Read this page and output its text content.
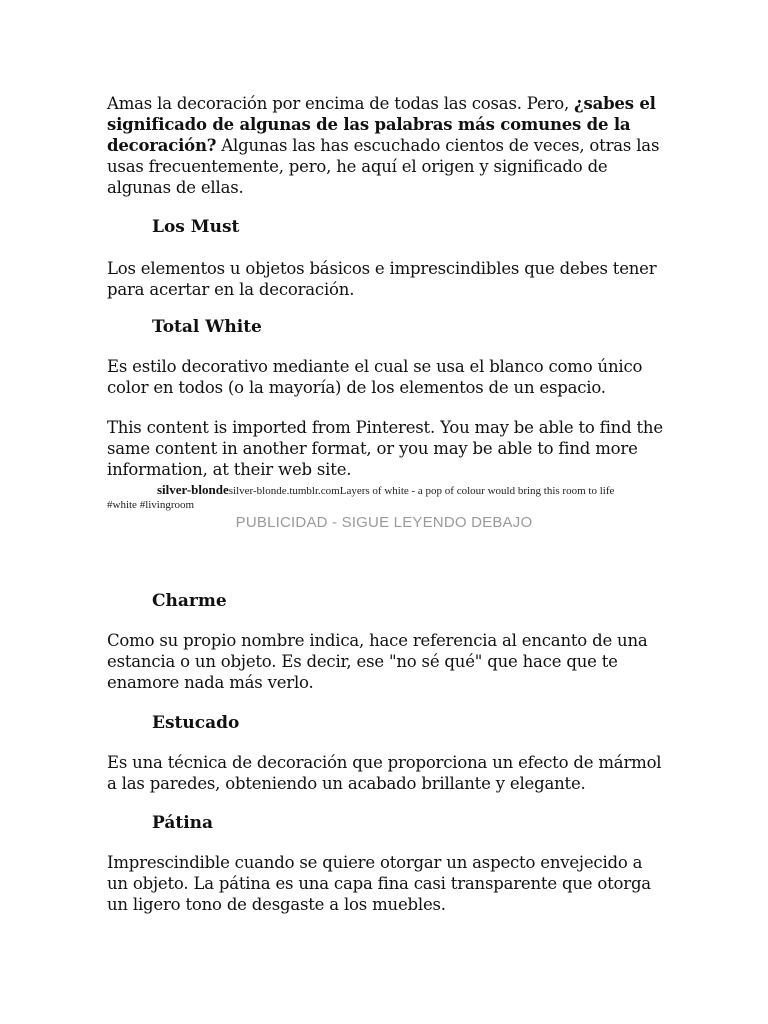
Amas la decoración por encima de todas las cosas. Pero, ¿sabes el significado de algunas de las palabras más comunes de la decoración? Algunas las has escuchado cientos de veces, otras las usas frecuentemente, pero, he aquí el origen y significado de algunas de ellas.

Los Must

Los elementos u objetos básicos e imprescindibles que debes tener para acertar en la decoración.

Total White

Es estilo decorativo mediante el cual se usa el blanco como único color en todos (o la mayoría) de los elementos de un espacio.

This content is imported from Pinterest. You may be able to find the same content in another format, or you may be able to find more information, at their web site.

silver-blondesilver-blonde.tumblr.comLayers of white - a pop of colour would bring this room to life
#white #livingroom

PUBLICIDAD - SIGUE LEYENDO DEBAJO
Charme

Como su propio nombre indica, hace referencia al encanto de una estancia o un objeto. Es decir, ese "no sé qué" que hace que te enamore nada más verlo.

Estucado

Es una técnica de decoración que proporciona un efecto de mármol a las paredes, obteniendo un acabado brillante y elegante.

Pátina

Imprescindible cuando se quiere otorgar un aspecto envejecido a un objeto. La pátina es una capa fina casi transparente que otorga un ligero tono de desgaste a los muebles.
